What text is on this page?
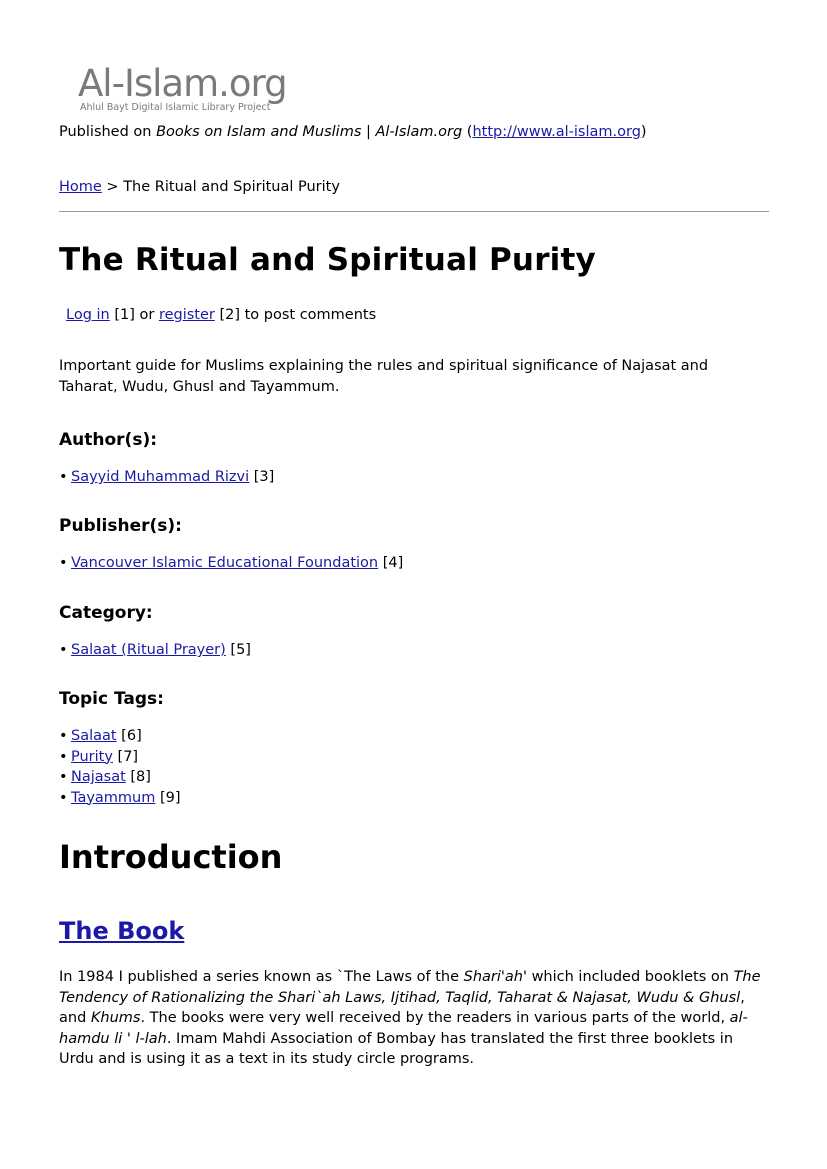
Al-Islam.org
Ahlul Bayt Digital Islamic Library Project
Published on Books on Islam and Muslims | Al-Islam.org (http://www.al-islam.org)
Home > The Ritual and Spiritual Purity
The Ritual and Spiritual Purity
Log in [1] or register [2] to post comments
Important guide for Muslims explaining the rules and spiritual significance of Najasat and Taharat, Wudu, Ghusl and Tayammum.
Author(s):
• Sayyid Muhammad Rizvi [3]
Publisher(s):
• Vancouver Islamic Educational Foundation [4]
Category:
• Salaat (Ritual Prayer) [5]
Topic Tags:
• Salaat [6]
• Purity [7]
• Najasat [8]
• Tayammum [9]
Introduction
The Book
In 1984 I published a series known as `The Laws of the Shari'ah' which included booklets on The Tendency of Rationalizing the Shari`ah Laws, Ijtihad, Taqlid, Taharat & Najasat, Wudu & Ghusl, and Khums. The books were very well received by the readers in various parts of the world, al-hamdu li ' l-lah. Imam Mahdi Association of Bombay has translated the first three booklets in Urdu and is using it as a text in its study circle programs.
